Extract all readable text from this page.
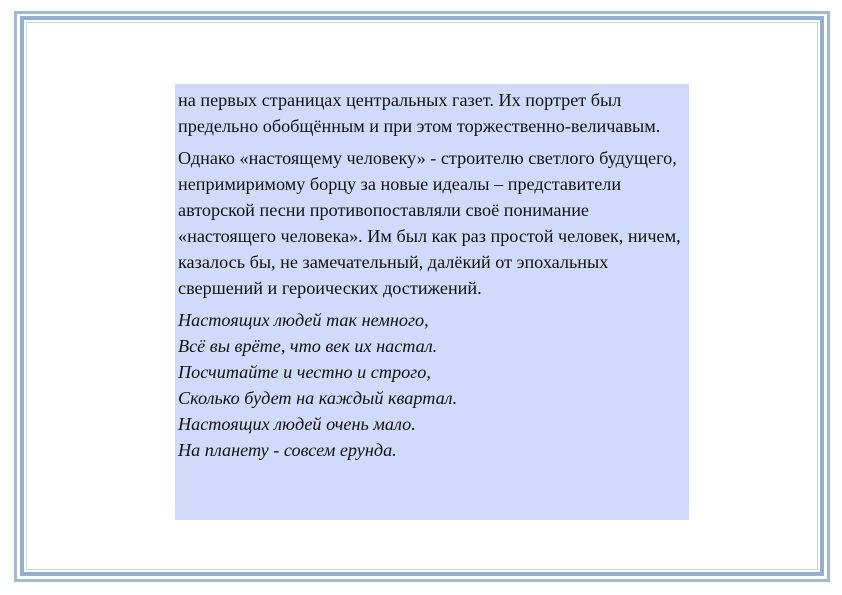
на первых страницах центральных газет. Их портрет был предельно обобщённым и при этом торжественно-величавым.

Однако «настоящему человеку» - строителю светлого будущего, непримиримому борцу за новые идеалы – представители авторской песни противопоставляли своё понимание «настоящего человека». Им был как раз простой человек, ничем, казалось бы, не замечательный, далёкий от эпохальных свершений и героических достижений.

Настоящих людей так немного,
Всё вы врёте, что век их настал.
Посчитайте и честно и строго,
Сколько будет на каждый квартал.
Настоящих людей очень мало.
На планету - совсем ерунда.
